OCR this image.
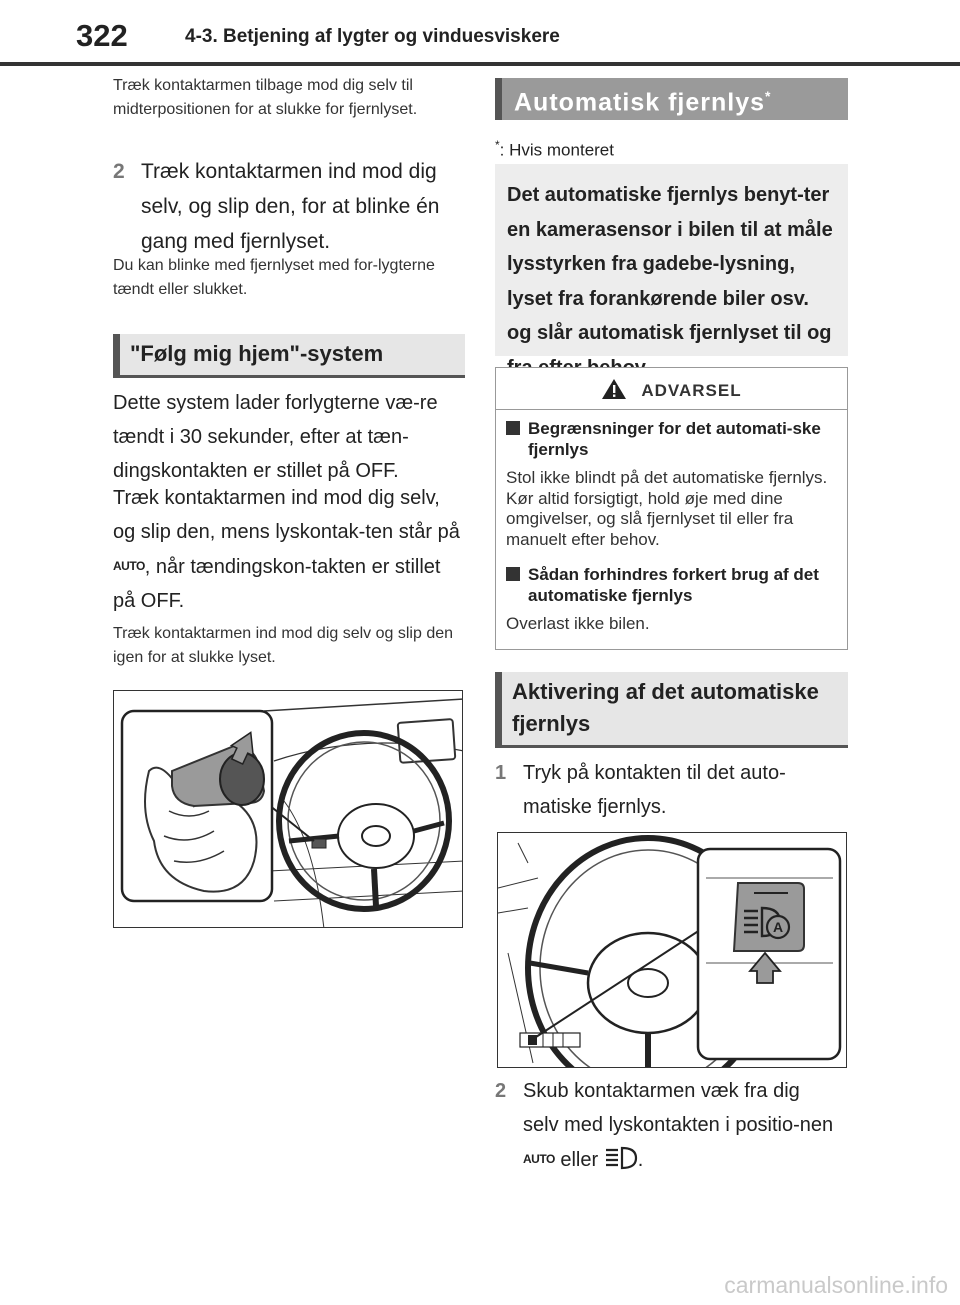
322	4-3. Betjening af lygter og vinduesviskere

Træk kontaktarmen tilbage mod dig selv til midterpositionen for at slukke for fjernlyset.

2 Træk kontaktarmen ind mod dig selv, og slip den, for at blinke én gang med fjernlyset.

Du kan blinke med fjernlyset med for-lygterne tændt eller slukket.

"Følg mig hjem"-system

Dette system lader forlygterne væ-re tændt i 30 sekunder, efter at tæn-dingskontakten er stillet på OFF.

Træk kontaktarmen ind mod dig selv, og slip den, mens lyskontak-ten står på AUTO, når tændingskon-takten er stillet på OFF.

Træk kontaktarmen ind mod dig selv og slip den igen for at slukke lyset.

Automatisk fjernlys*

*: Hvis monteret

Det automatiske fjernlys benyt-ter en kamerasensor i bilen til at måle lysstyrken fra gadebe-lysning, lyset fra forankørende biler osv. og slår automatisk fjernlyset til og
ADVARSEL
Begrænsninger for det automati-ske fjernlys

Stol ikke blindt på det automatiske fjernlys. Kør altid forsigtigt, hold øje med dine omgivelser, og slå fjernlyset til eller fra manuelt efter behov.

Sådan forhindres forkert brug af det automatiske fjernlys

Overlast ikke bilen.

Aktivering af det automatiske fjernlys
1 Tryk på kontakten til det auto-matiske fjernlys.
2 Skub kontaktarmen væk fra dig selv med lyskontakten i positio-nen AUTO eller .
A
carmanualsonline.info
